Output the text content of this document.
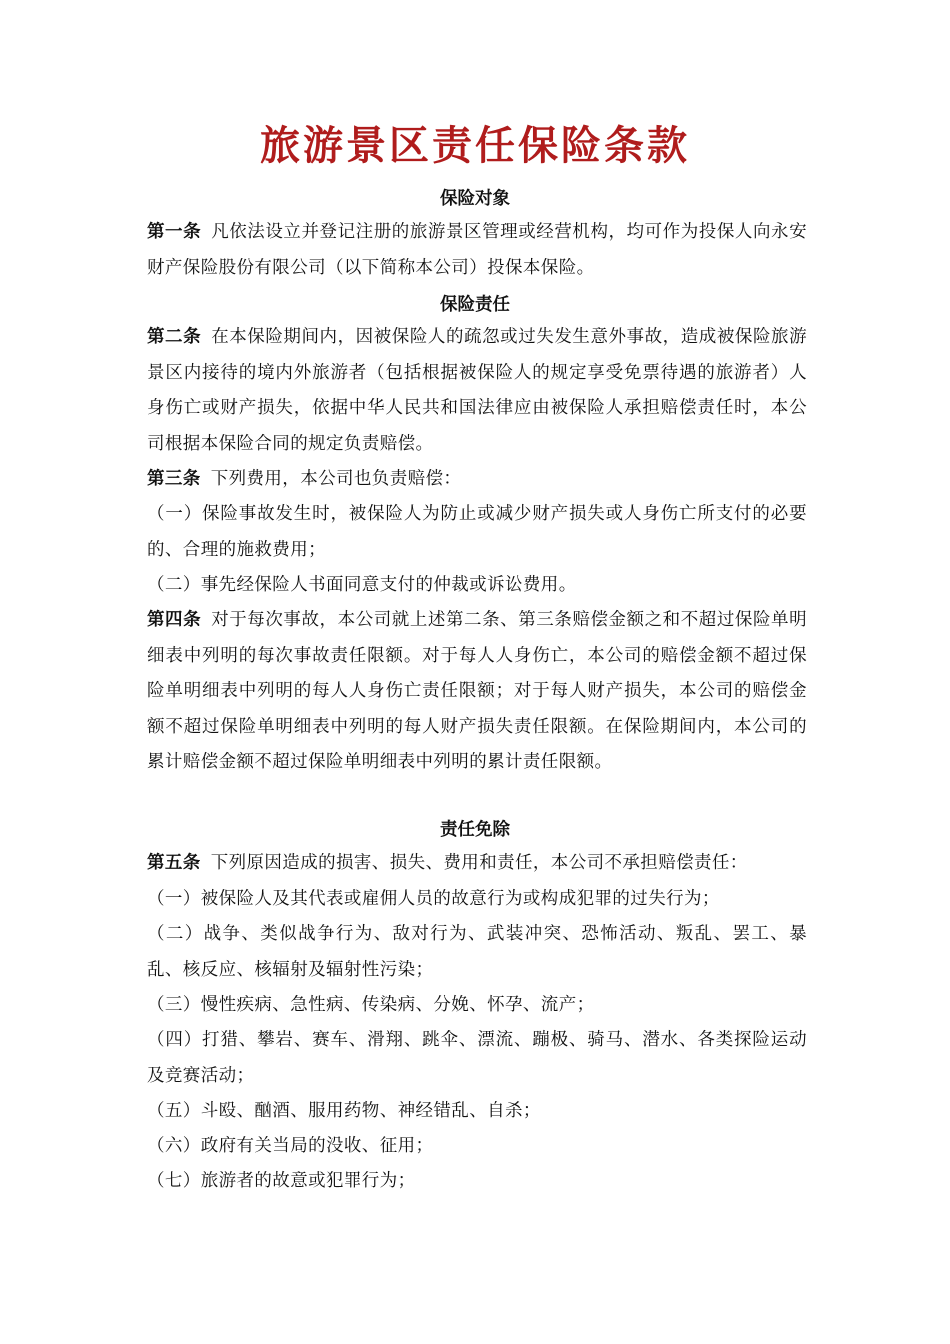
旅游景区责任保险条款
保险对象

第一条 凡依法设立并登记注册的旅游景区管理或经营机构，均可作为投保人向永安财产保险股份有限公司（以下简称本公司）投保本保险。

保险责任

第二条 在本保险期间内，因被保险人的疏忽或过失发生意外事故，造成被保险旅游景区内接待的境内外旅游者（包括根据被保险人的规定享受免票待遇的旅游者）人身伤亡或财产损失，依据中华人民共和国法律应由被保险人承担赔偿责任时，本公司根据本保险合同的规定负责赔偿。

第三条 下列费用，本公司也负责赔偿：

（一）保险事故发生时，被保险人为防止或减少财产损失或人身伤亡所支付的必要的、合理的施救费用；

（二）事先经保险人书面同意支付的仲裁或诉讼费用。

第四条 对于每次事故，本公司就上述第二条、第三条赔偿金额之和不超过保险单明细表中列明的每次事故责任限额。对于每人人身伤亡，本公司的赔偿金额不超过保险单明细表中列明的每人人身伤亡责任限额；对于每人财产损失，本公司的赔偿金额不超过保险单明细表中列明的每人财产损失责任限额。在保险期间内，本公司的累计赔偿金额不超过保险单明细表中列明的累计责任限额。

责任免除

第五条 下列原因造成的损害、损失、费用和责任，本公司不承担赔偿责任：

（一）被保险人及其代表或雇佣人员的故意行为或构成犯罪的过失行为；

（二）战争、类似战争行为、敌对行为、武装冲突、恐怖活动、叛乱、罢工、暴乱、核反应、核辐射及辐射性污染；

（三）慢性疾病、急性病、传染病、分娩、怀孕、流产；

（四）打猎、攀岩、赛车、滑翔、跳伞、漂流、蹦极、骑马、潜水、各类探险运动及竞赛活动；

（五）斗殴、酗酒、服用药物、神经错乱、自杀；

（六）政府有关当局的没收、征用；

（七）旅游者的故意或犯罪行为；
